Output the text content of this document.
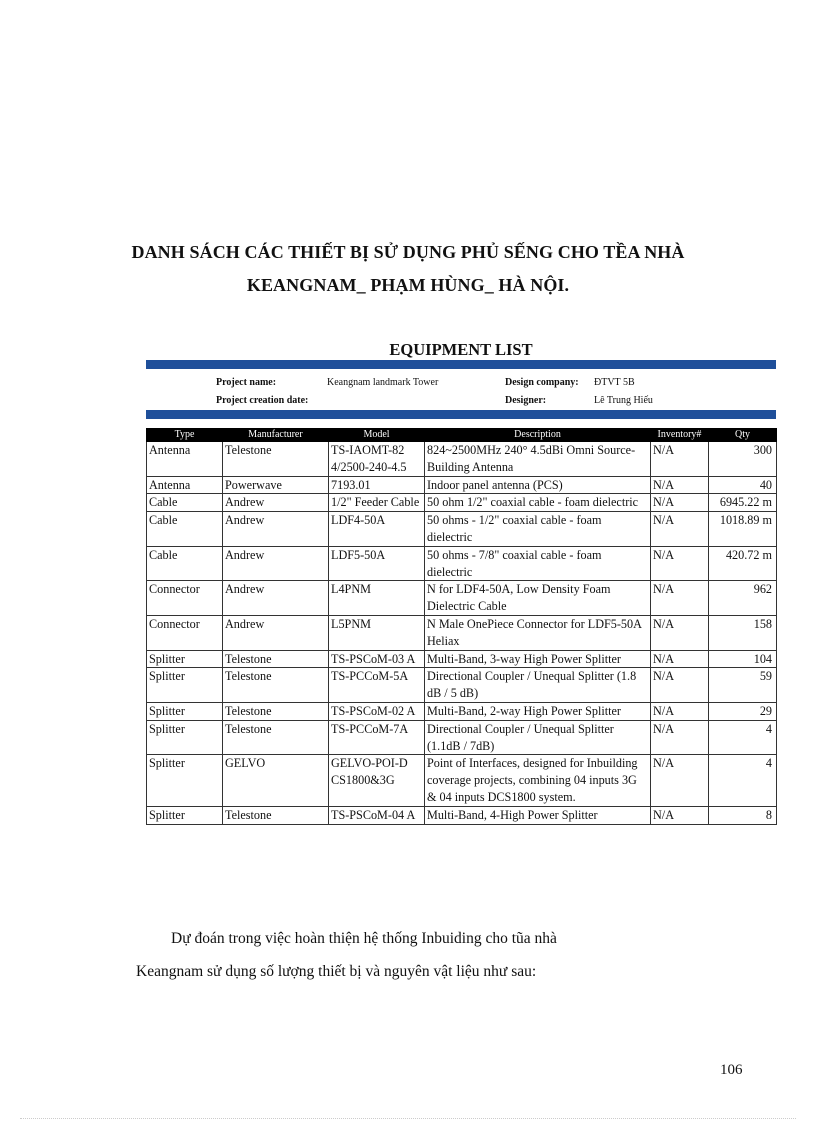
DANH SÁCH CÁC THIẾT BỊ SỬ DỤNG PHỦ SẾNG CHO TỀA NHÀ
KEANGNAM_ PHẠM HÙNG_ HÀ NỘI.
EQUIPMENT LIST
Project name:	Keangnam landmark Tower	Design company: ĐTVT 5B
Project creation date:	Designer:	Lê Trung Hiếu
Type	Manufacturer	Model	Description	Inventory#	Qty
Antenna	Telestone	TS-IAOMT-82 4/2500-240-4.5	824~2500MHz 240° 4.5dBi Omni Source-Building Antenna	N/A	300
Antenna	Powerwave	7193.01	Indoor panel antenna (PCS)	N/A	40
Cable	Andrew	1/2" Feeder Cable	50 ohm 1/2" coaxial cable - foam dielectric	N/A	6945.22 m
Cable	Andrew	LDF4-50A	50 ohms - 1/2" coaxial cable - foam dielectric	N/A	1018.89 m
Cable	Andrew	LDF5-50A	50 ohms - 7/8" coaxial cable - foam dielectric	N/A	420.72 m
Connector	Andrew	L4PNM	N for LDF4-50A, Low Density Foam Dielectric Cable	N/A	962
Connector	Andrew	L5PNM	N Male OnePiece Connector for LDF5-50A Heliax	N/A	158
Splitter	Telestone	TS-PSCoM-03 A	Multi-Band, 3-way High Power Splitter	N/A	104
Splitter	Telestone	TS-PCCoM-5A	Directional Coupler / Unequal Splitter (1.8 dB / 5 dB)	N/A	59
Splitter	Telestone	TS-PSCoM-02 A	Multi-Band, 2-way High Power Splitter	N/A	29
Splitter	Telestone	TS-PCCoM-7A	Directional Coupler / Unequal Splitter (1.1dB / 7dB)	N/A	4
Splitter	GELVO	GELVO-POI-D CS1800&3G	Point of Interfaces, designed for Inbuilding coverage projects, combining 04 inputs 3G & 04 inputs DCS1800 system.	N/A	4
Splitter	Telestone	TS-PSCoM-04 A	Multi-Band, 4-High Power Splitter	N/A	8
Dự đoán trong việc hoàn thiện hệ thống Inbuiding cho tũa nhà
Keangnam sử dụng số lượng thiết bị và nguyên vật liệu như sau:
106
